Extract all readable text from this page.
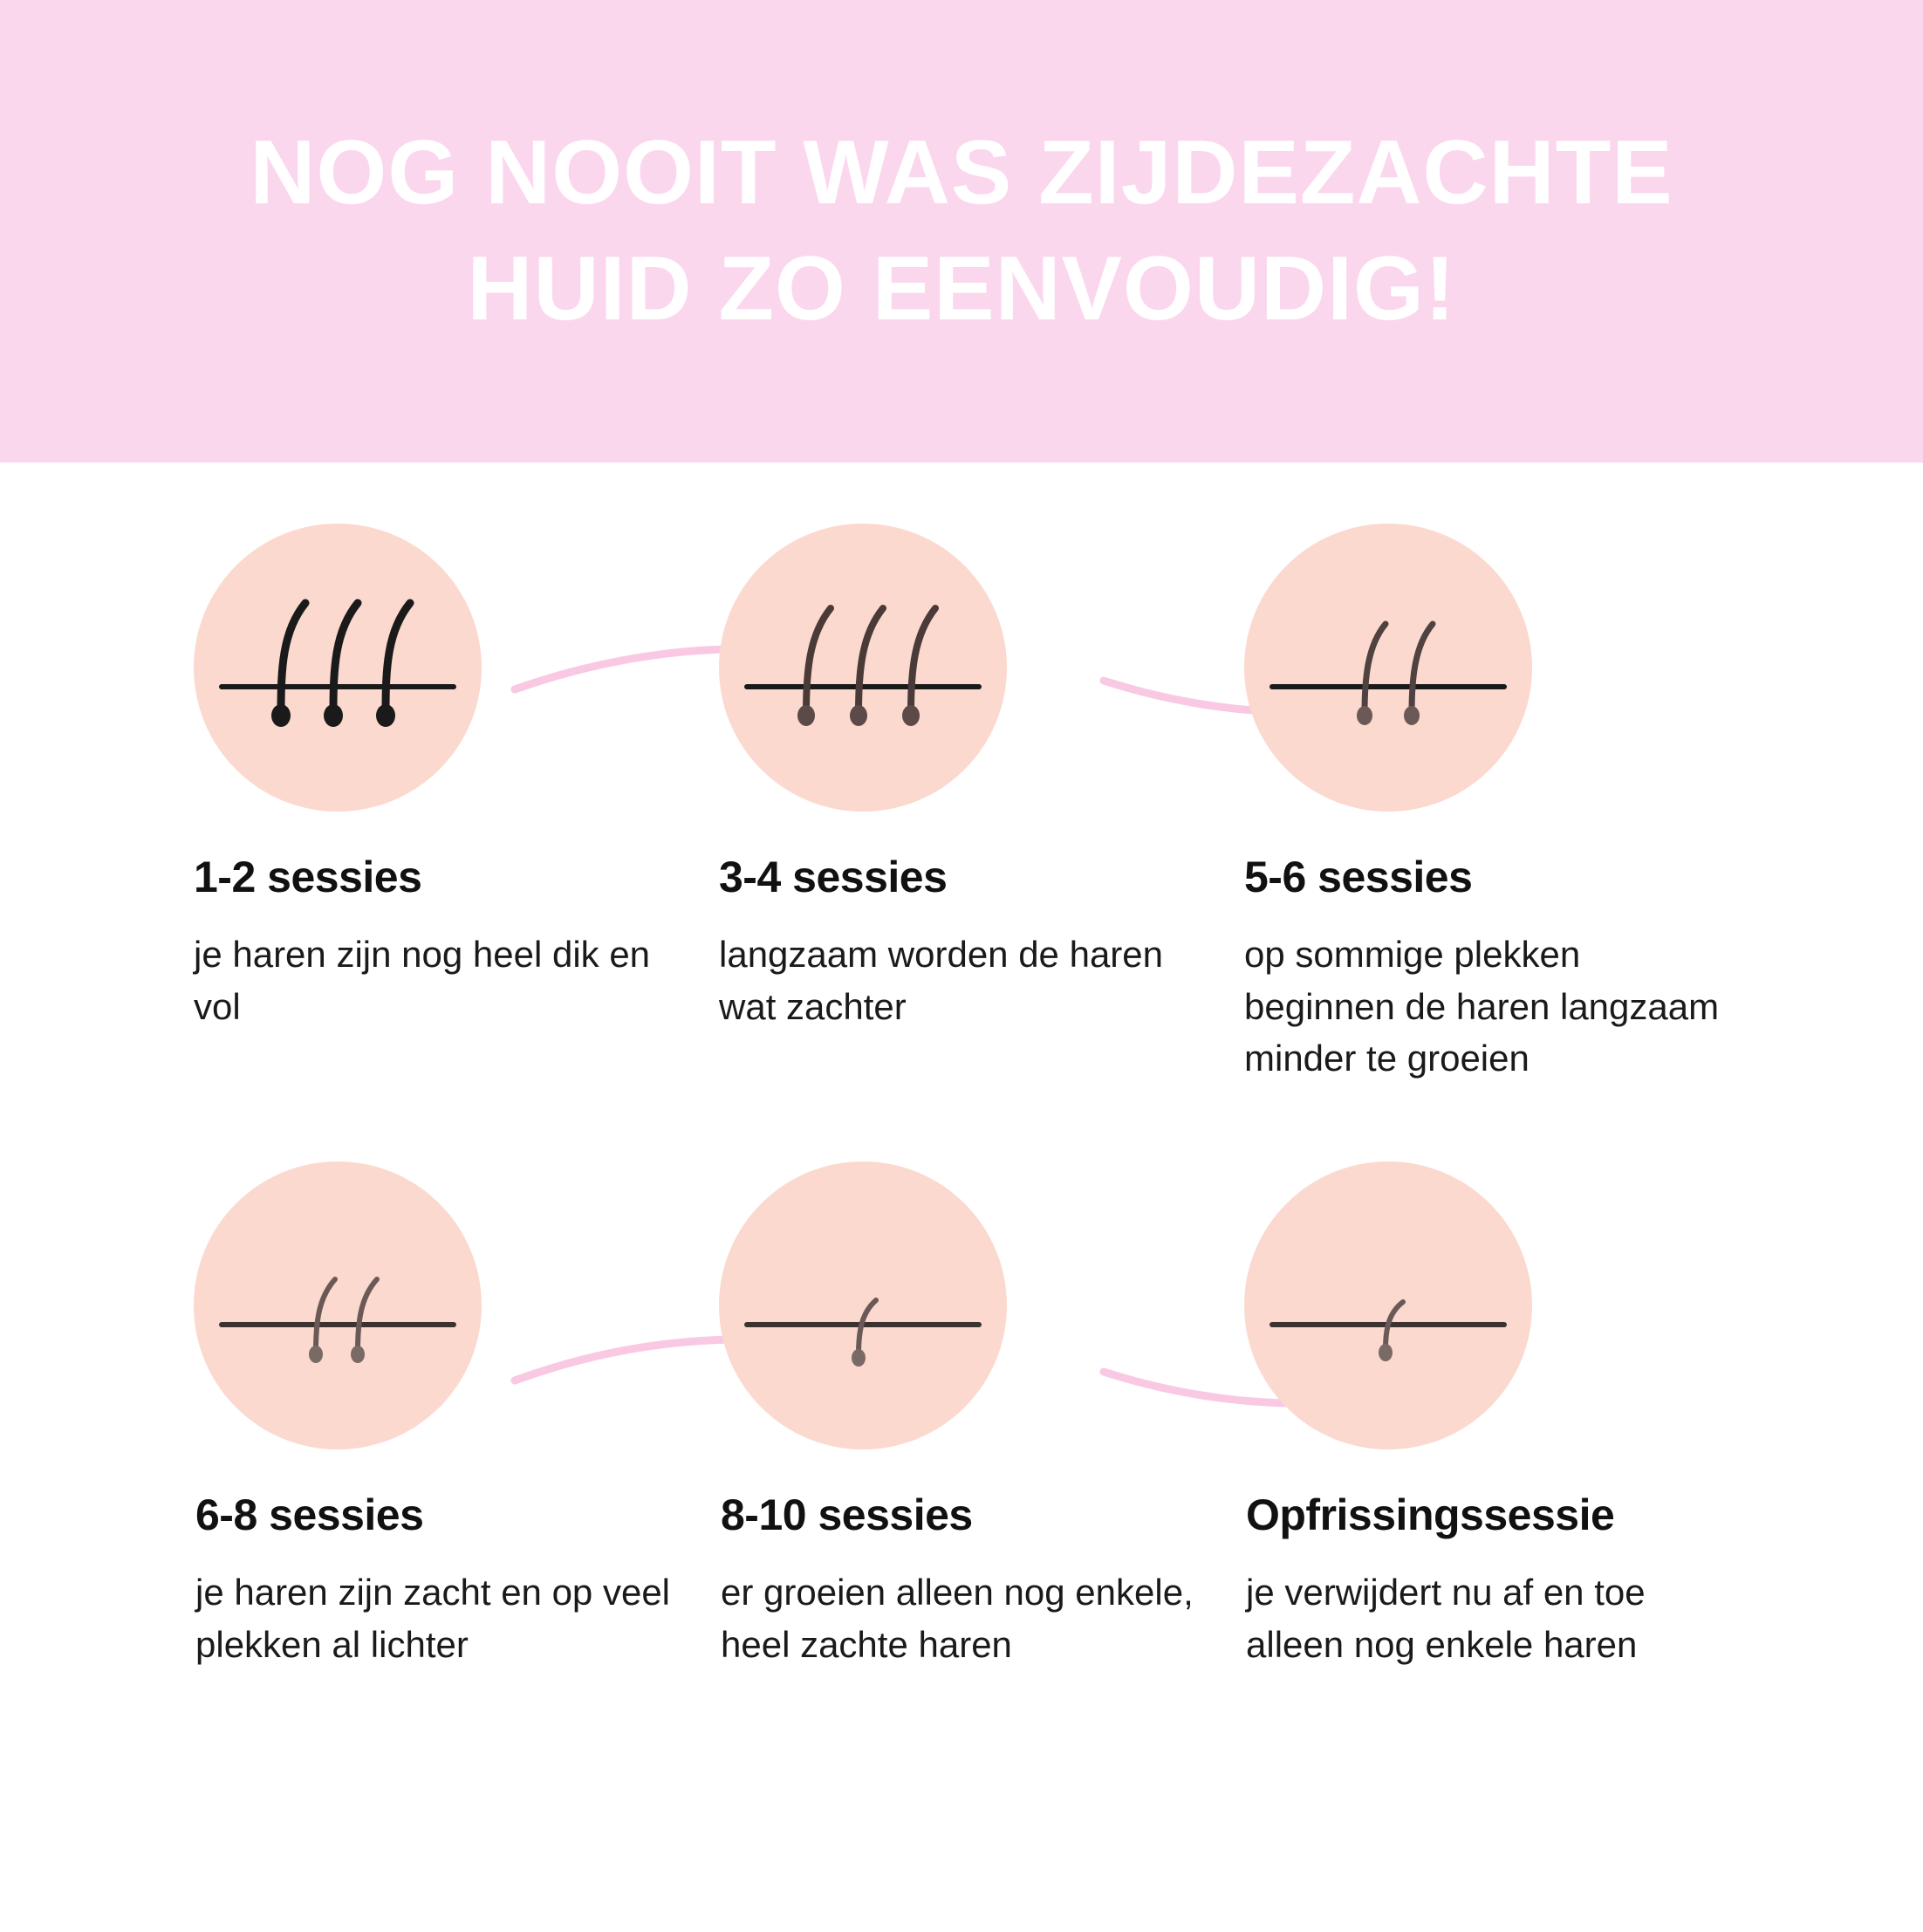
NOG NOOIT WAS ZIJDEZACHTE
HUID ZO EENVOUDIG!
1-2 sessies
je haren zijn nog heel dik en vol
3-4 sessies
langzaam worden de haren wat zachter
5-6 sessies
op sommige plekken beginnen de haren langzaam minder te groeien
6-8 sessies
je haren zijn zacht en op veel plekken al lichter
8-10 sessies
er groeien alleen nog enkele, heel zachte haren
Opfrissingssessie
je verwijdert nu af en toe alleen nog enkele haren
